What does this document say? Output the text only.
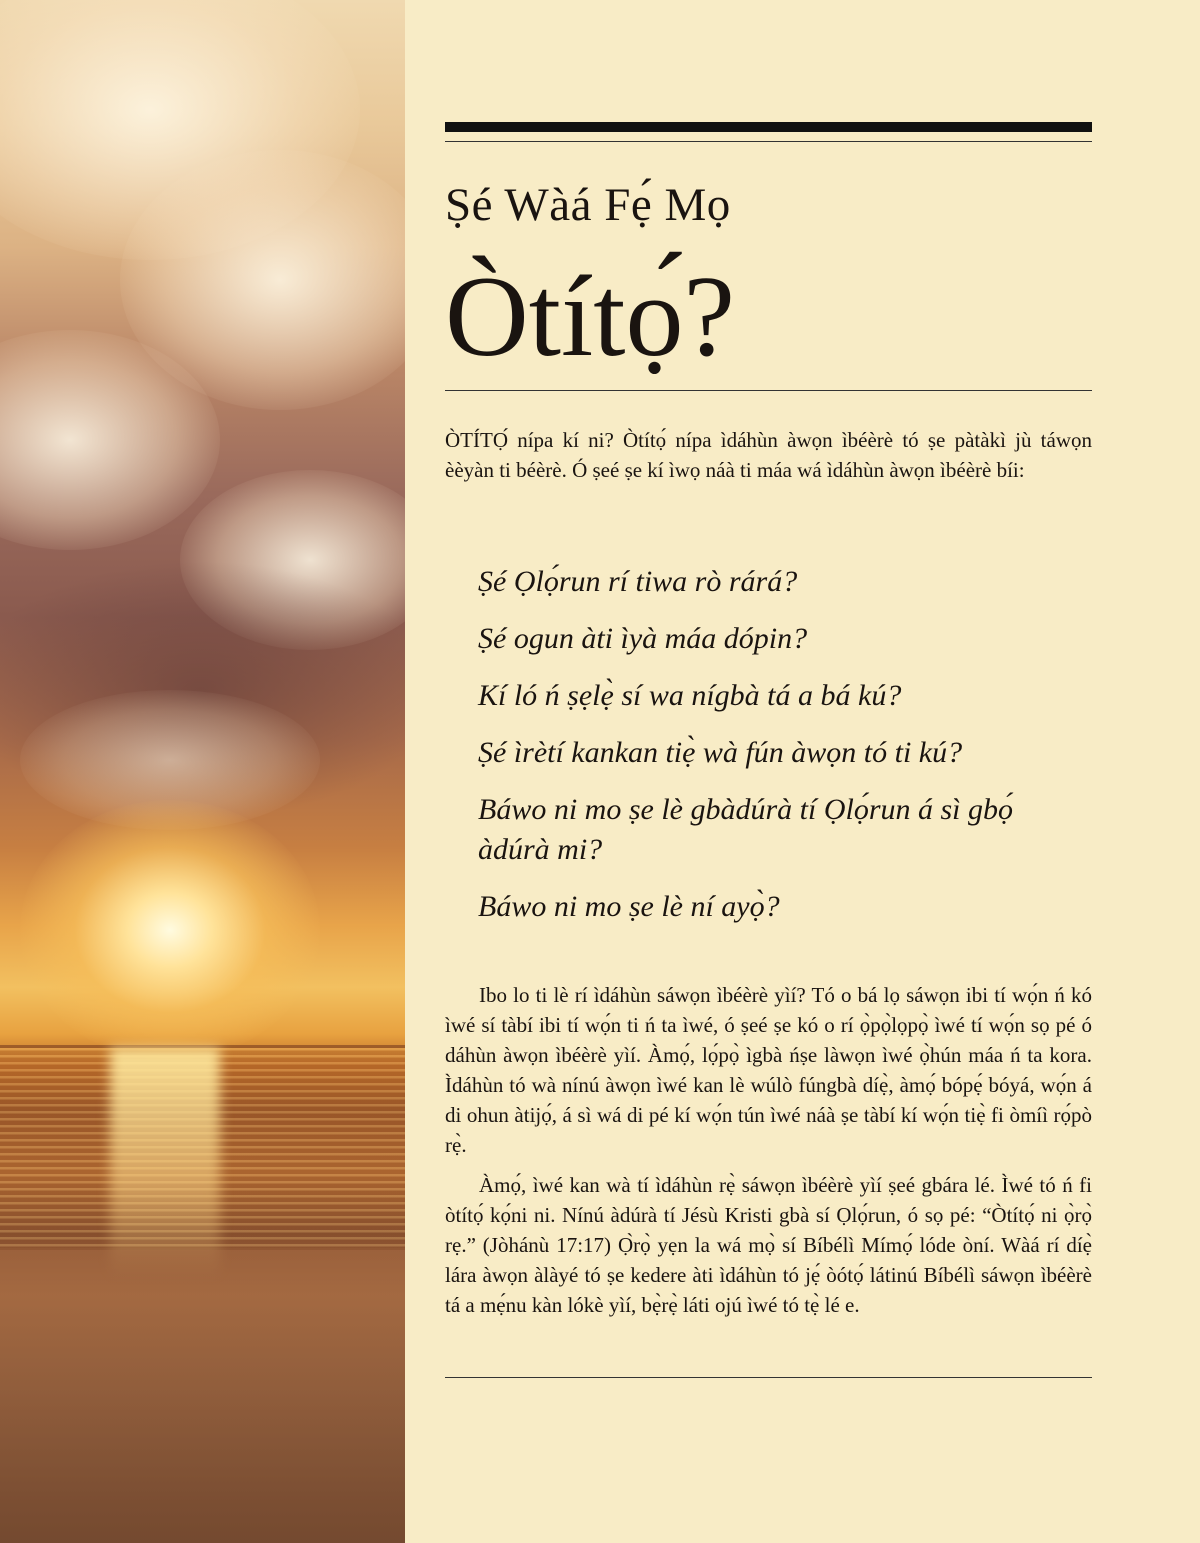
Ṣé Wàá Fẹ́ Mọ
Òtítọ́?
ÒTÍTỌ́ nípa kí ni? Òtítọ́ nípa ìdáhùn àwọn ìbéèrè tó ṣe pàtàkì jù táwọn èèyàn ti béèrè. Ó ṣeé ṣe kí ìwọ náà ti máa wá ìdáhùn àwọn ìbéèrè bíi:
Ṣé Ọlọ́run rí tiwa rò rárá?
Ṣé ogun àti ìyà máa dópin?
Kí ló ń ṣẹlẹ̀ sí wa nígbà tá a bá kú?
Ṣé ìrètí kankan tiẹ̀ wà fún àwọn tó ti kú?
Báwo ni mo ṣe lè gbàdúrà tí Ọlọ́run á sì gbọ́ àdúrà mi?
Báwo ni mo ṣe lè ní ayọ̀?

Ibo lo ti lè rí ìdáhùn sáwọn ìbéèrè yìí? Tó o bá lọ sáwọn ibi tí wọ́n ń kó ìwé sí tàbí ibi tí wọ́n ti ń ta ìwé, ó ṣeé ṣe kó o rí ọ̀pọ̀lọpọ̀ ìwé tí wọ́n sọ pé ó dáhùn àwọn ìbéèrè yìí. Àmọ́, lọ́pọ̀ ìgbà ńṣe làwọn ìwé ọ̀hún máa ń ta kora. Ìdáhùn tó wà nínú àwọn ìwé kan lè wúlò fúngbà díẹ̀, àmọ́ bópẹ́ bóyá, wọ́n á di ohun àtijọ́, á sì wá di pé kí wọ́n tún ìwé náà ṣe tàbí kí wọ́n tiẹ̀ fi òmíì rọ́pò rẹ̀.

Àmọ́, ìwé kan wà tí ìdáhùn rẹ̀ sáwọn ìbéèrè yìí ṣeé gbára lé. Ìwé tó ń fi òtítọ́ kọ́ni ni. Nínú àdúrà tí Jésù Kristi gbà sí Ọlọ́run, ó sọ pé: “Òtítọ́ ni ọ̀rọ̀ rẹ.” (Jòhánù 17:17) Ọ̀rọ̀ yẹn la wá mọ̀ sí Bíbélì Mímọ́ lóde òní. Wàá rí díẹ̀ lára àwọn àlàyé tó ṣe kedere àti ìdáhùn tó jẹ́ òótọ́ látinú Bíbélì sáwọn ìbéèrè tá a mẹ́nu kàn lókè yìí, bẹ̀rẹ̀ láti ojú ìwé tó tẹ̀ lé e.
